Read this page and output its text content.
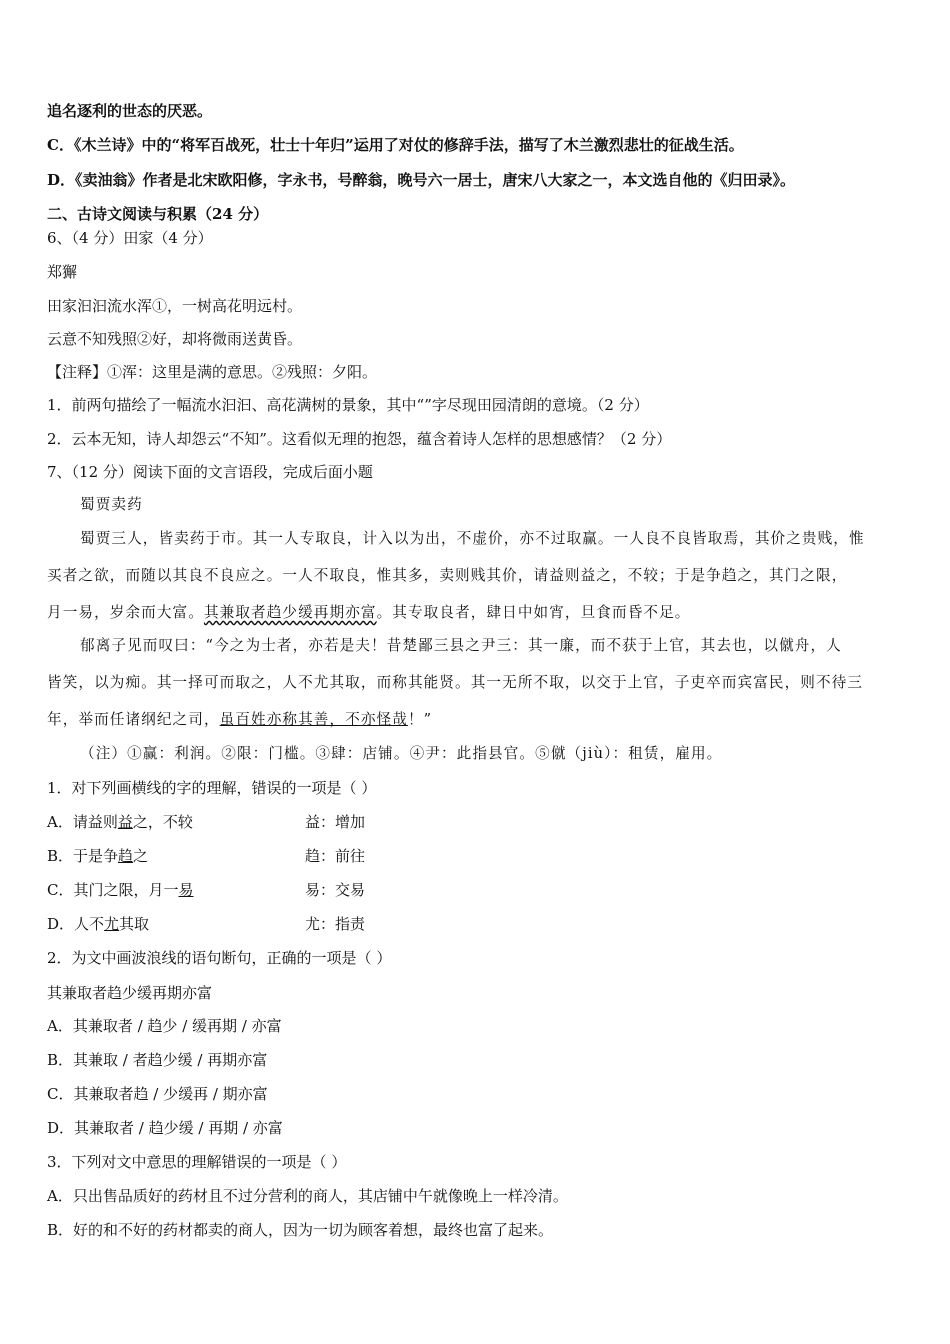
追名逐利的世态的厌恶。
C．《木兰诗》中的“将军百战死，壮士十年归”运用了对仗的修辞手法，描写了木兰激烈悲壮的征战生活。
D．《卖油翁》作者是北宋欧阳修，字永书，号醉翁，晚号六一居士，唐宋八大家之一，本文选自他的《归田录》。
二、古诗文阅读与积累（24 分）
6、（4 分）田家（4 分）
郑獬
田家汩汩流水浑①，一树高花明远村。
云意不知残照②好，却将微雨送黄昏。
【注释】①浑：这里是满的意思。②残照：夕阳。
1．前两句描绘了一幅流水汩汩、高花满树的景象，其中“”字尽现田园清朗的意境。（2 分）
2．云本无知，诗人却怨云“不知”。这看似无理的抱怨，蕴含着诗人怎样的思想感情？（2 分）
7、（12 分）阅读下面的文言语段，完成后面小题
蜀贾卖药
蜀贾三人，皆卖药于市。其一人专取良，计入以为出，不虚价，亦不过取赢。一人良不良皆取焉，其价之贵贱，惟
买者之欲，而随以其良不良应之。一人不取良，惟其多，卖则贱其价，请益则益之，不较；于是争趋之，其门之限，
月一易，岁余而大富。其兼取者趋少缓再期亦富。其专取良者，肆日中如宵，旦食而昏不足。
郁离子见而叹曰：“今之为士者，亦若是夫！昔楚鄙三县之尹三：其一廉，而不获于上官，其去也，以僦舟，人
皆笑，以为痴。其一择可而取之，人不尤其取，而称其能贤。其一无所不取，以交于上官，子吏卒而宾富民，则不待三
年，举而任诸纲纪之司，虽百姓亦称其善，不亦怪哉！”
（注）①赢：利润。②限：门槛。③肆：店铺。④尹：此指县官。⑤僦（jiù）：租赁，雇用。
1．对下列画横线的字的理解，错误的一项是（ ）
A．请益则益之，不较	益：增加
B．于是争趋之	趋：前往
C．其门之限，月一易	易：交易
D．人不尤其取	尤：指责
2．为文中画波浪线的语句断句，正确的一项是（ ）
其兼取者趋少缓再期亦富
A．其兼取者 / 趋少 / 缓再期 / 亦富
B．其兼取 / 者趋少缓 / 再期亦富
C．其兼取者趋 / 少缓再 / 期亦富
D．其兼取者 / 趋少缓 / 再期 / 亦富
3．下列对文中意思的理解错误的一项是（ ）
A．只出售品质好的药材且不过分营利的商人，其店铺中午就像晚上一样冷清。
B．好的和不好的药材都卖的商人，因为一切为顾客着想，最终也富了起来。
